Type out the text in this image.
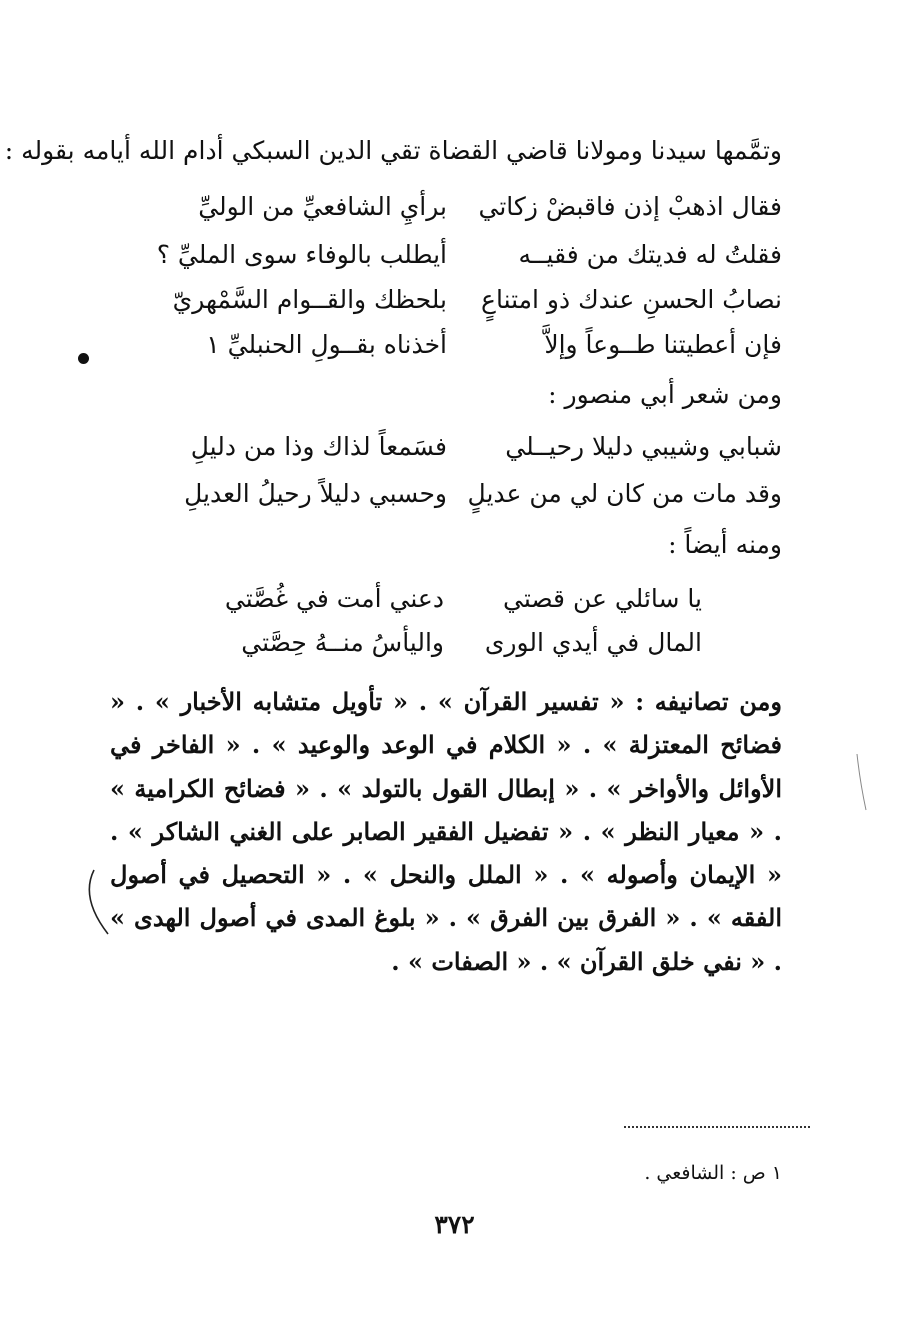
وتمَّمها سيدنا ومولانا قاضي القضاة تقي الدين السبكي أدام الله أيامه بقوله :
فقال اذهبْ إذن فاقبضْ زكاتي
برأيِ الشافعيِّ من الوليِّ
فقلتُ له فديتك من فقيــه
أيطلب بالوفاء سوى المليِّ ؟
نصابُ الحسنِ عندك ذو امتناعٍ
بلحظك والقــوام السَّمْهريّ
فإن أعطيتنا طــوعاً وإلاَّ
أخذناه بقــولِ الحنبليِّ ١
ومن شعر أبي منصور :
شبابي وشيبي دليلا رحيــلي
فسَمعاً لذاك وذا من دليلِ
وقد مات من كان لي من عديلٍ
وحسبي دليلاً رحيلُ العديلِ
ومنه أيضاً :
يا سائلي عن قصتي
دعني أمت في غُصَّتي
المال في أيدي الورى
واليأسُ منــهُ حِصَّتي
ومن تصانيفه : « تفسير القرآن » . « تأويل متشابه الأخبار » . « فضائح المعتزلة » . « الكلام في الوعد والوعيد » . « الفاخر في الأوائل والأواخر » . « إبطال القول بالتولد » . « فضائح الكرامية » . « معيار النظر » . « تفضيل الفقير الصابر على الغني الشاكر » . « الإيمان وأصوله » . « الملل والنحل » . « التحصيل في أصول الفقه » . « الفرق بين الفرق » . « بلوغ المدى في أصول الهدى » . « نفي خلق القرآن » . « الصفات » .
١ ص : الشافعي .
٣٧٢
